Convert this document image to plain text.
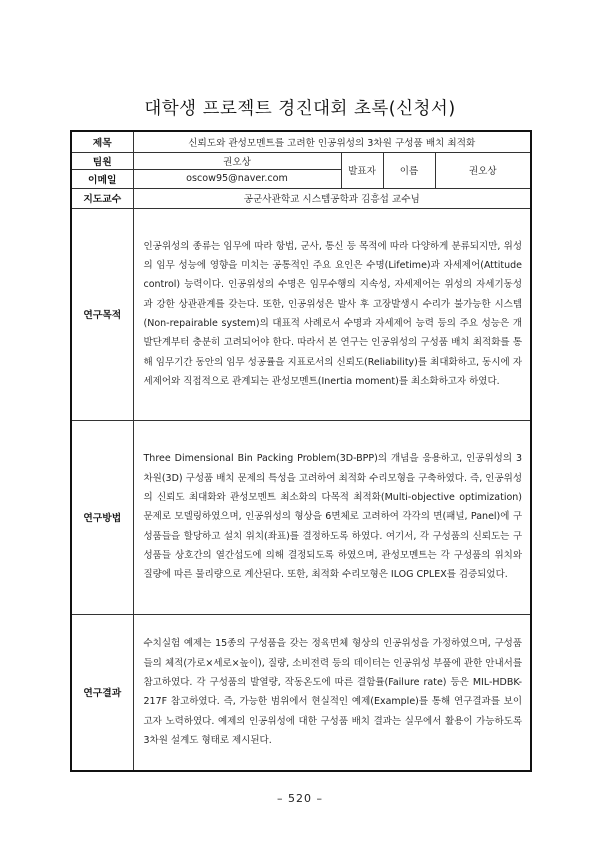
대학생 프로젝트 경진대회 초록(신청서)
제목	신뢰도와 관성모멘트를 고려한 인공위성의 3차원 구성품 배치 최적화			
팀원	권오상	발표자	이름	권오상
이메일	oscow95@naver.com			
지도교수	공군사관학교 시스템공학과 김흥섭 교수님			
연구목적	인공위성의 종류는 임무에 따라 항법, 군사, 통신 등 목적에 따라 다양하게 분류되지만, 위성의 임무 성능에 영향을 미치는 공통적인 주요 요인은 수명(Lifetime)과 자세제어(Attitude control) 능력이다. 인공위성의 수명은 임무수행의 지속성, 자세제어는 위성의 자세기동성과 강한 상관관계를 갖는다. 또한, 인공위성은 발사 후 고장발생시 수리가 불가능한 시스템(Non-repairable system)의 대표적 사례로서 수명과 자세제어 능력 등의 주요 성능은 개발단계부터 충분히 고려되어야 한다. 따라서 본 연구는 인공위성의 구성품 배치 최적화를 통해 임무기간 동안의 임무 성공률을 지표로서의 신뢰도(Reliability)를 최대화하고, 동시에 자세제어와 직접적으로 관계되는 관성모멘트(Inertia moment)를 최소화하고자 하였다.			

연구방법	Three Dimensional Bin Packing Problem(3D-BPP)의 개념을 응용하고, 인공위성의 3차원(3D) 구성품 배치 문제의 특성을 고려하여 최적화 수리모형을 구축하였다. 즉, 인공위성의 신뢰도 최대화와 관성모멘트 최소화의 다목적 최적화(Multi-objective optimization) 문제로 모델링하였으며, 인공위성의 형상을 6면체로 고려하여 각각의 면(패널, Panel)에 구성품들을 할당하고 설치 위치(좌표)를 결정하도록 하였다. 여기서, 각 구성품의 신뢰도는 구성품들 상호간의 열간섭도에 의해 결정되도록 하였으며, 관성모멘트는 각 구성품의 위치와 질량에 따른 물리량으로 계산된다. 또한, 최적화 수리모형은 ILOG CPLEX를 검증되었다.			

연구결과	수치실험 예제는 15종의 구성품을 갖는 정육면체 형상의 인공위성을 가정하였으며, 구성품들의 체적(가로×세로×높이), 질량, 소비전력 등의 데이터는 인공위성 부품에 관한 안내서를 참고하였다. 각 구성품의 발열량, 작동온도에 따른 결함률(Failure rate) 등은 MIL-HDBK-217F 참고하였다. 즉, 가능한 범위에서 현실적인 예제(Example)를 통해 연구결과를 보이고자 노력하였다. 예제의 인공위성에 대한 구성품 배치 결과는 실무에서 활용이 가능하도록 3차원 설계도 형태로 제시된다.			

– 520 –
